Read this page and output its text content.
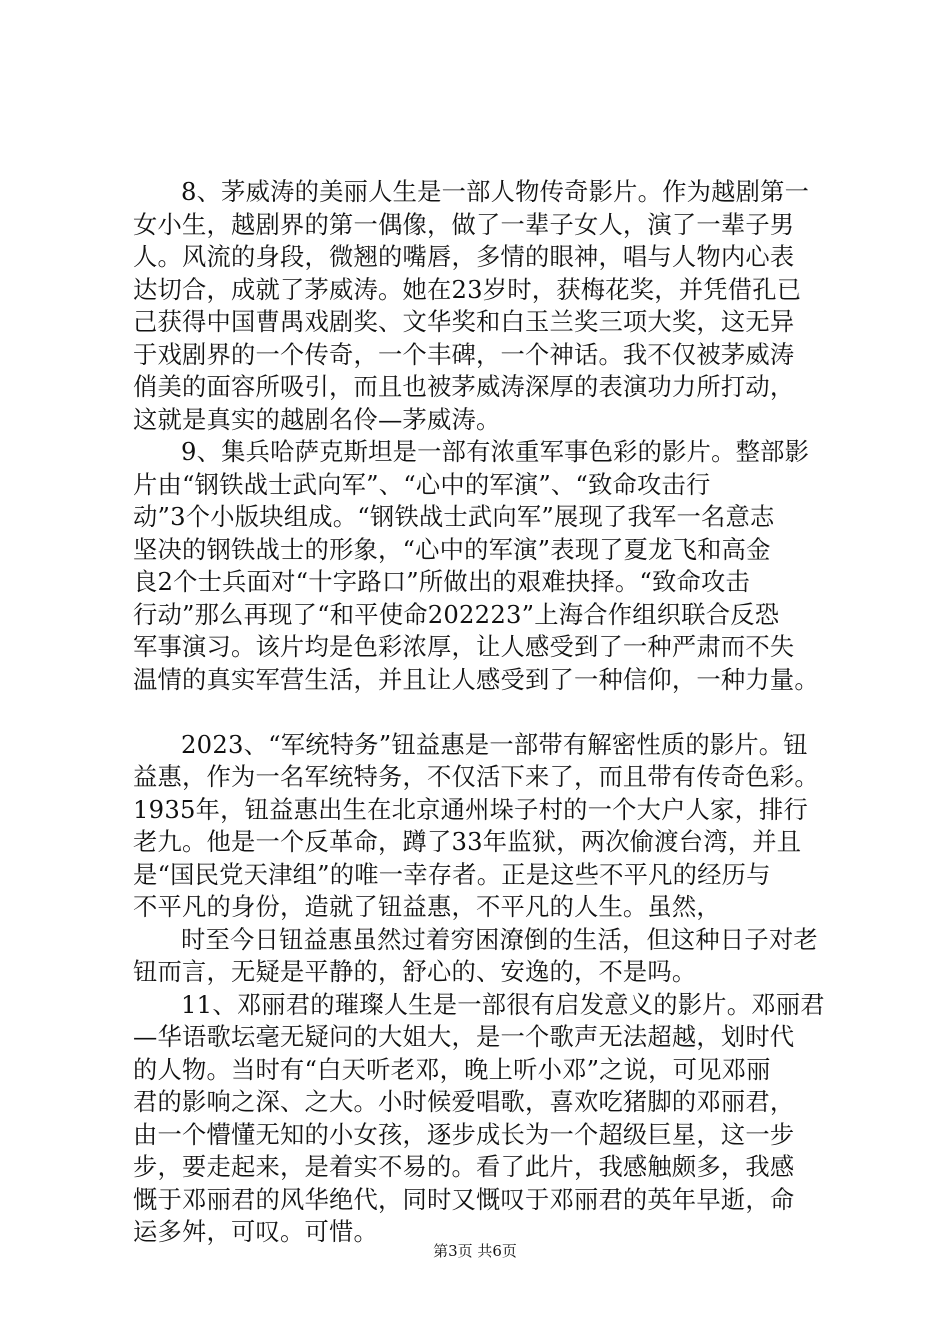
8、茅威涛的美丽人生是一部人物传奇影片。作为越剧第一
女小生，越剧界的第一偶像，做了一辈子女人，演了一辈子男
人。风流的身段，微翘的嘴唇，多情的眼神，唱与人物内心表
达切合，成就了茅威涛。她在23岁时，获梅花奖，并凭借孔已
己获得中国曹禺戏剧奖、文华奖和白玉兰奖三项大奖，这无异
于戏剧界的一个传奇，一个丰碑，一个神话。我不仅被茅威涛
俏美的面容所吸引，而且也被茅威涛深厚的表演功力所打动，
这就是真实的越剧名伶—茅威涛。
9、集兵哈萨克斯坦是一部有浓重军事色彩的影片。整部影
片由“钢铁战士武向军”、“心中的军演”、“致命攻击行
动”3个小版块组成。“钢铁战士武向军”展现了我军一名意志
坚决的钢铁战士的形象，“心中的军演”表现了夏龙飞和高金
良2个士兵面对“十字路口”所做出的艰难抉择。“致命攻击
行动”那么再现了“和平使命202223”上海合作组织联合反恐
军事演习。该片均是色彩浓厚，让人感受到了一种严肃而不失
温情的真实军营生活，并且让人感受到了一种信仰，一种力量。
2023、“军统特务”钮益惠是一部带有解密性质的影片。钮
益惠，作为一名军统特务，不仅活下来了，而且带有传奇色彩。
1935年，钮益惠出生在北京通州垛子村的一个大户人家，排行
老九。他是一个反革命，蹲了33年监狱，两次偷渡台湾，并且
是“国民党天津组”的唯一幸存者。正是这些不平凡的经历与
不平凡的身份，造就了钮益惠，不平凡的人生。虽然，
时至今日钮益惠虽然过着穷困潦倒的生活，但这种日子对老
钮而言，无疑是平静的，舒心的、安逸的，不是吗。
11、邓丽君的璀璨人生是一部很有启发意义的影片。邓丽君
—华语歌坛毫无疑问的大姐大，是一个歌声无法超越，划时代
的人物。当时有“白天听老邓，晚上听小邓”之说，可见邓丽
君的影响之深、之大。小时候爱唱歌，喜欢吃猪脚的邓丽君，
由一个懵懂无知的小女孩，逐步成长为一个超级巨星，这一步
步，要走起来，是着实不易的。看了此片，我感触颇多，我感
慨于邓丽君的风华绝代，同时又慨叹于邓丽君的英年早逝，命
运多舛，可叹。可惜。
第3页 共6页
